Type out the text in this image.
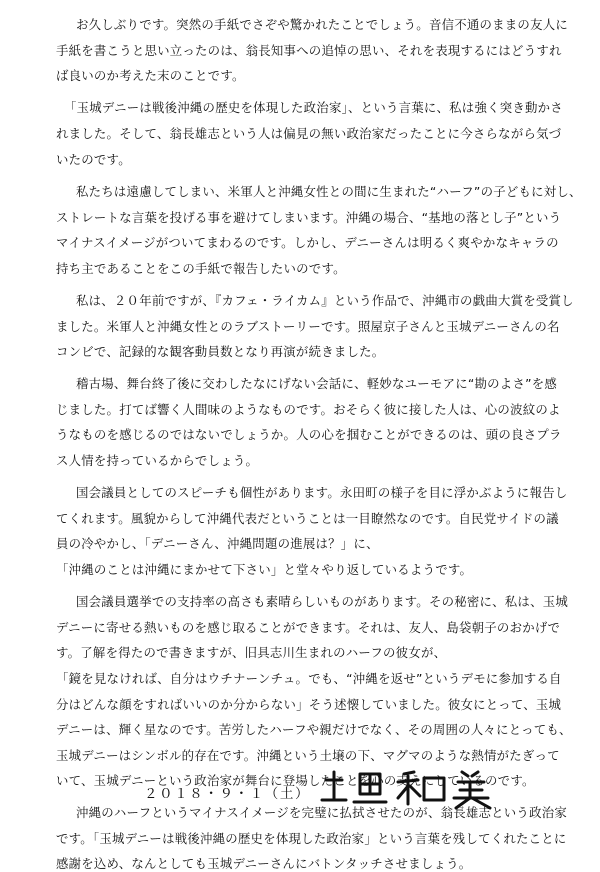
お久しぶりです。突然の手紙でさぞや驚かれたことでしょう。音信不通のままの友人に
手紙を書こうと思い立ったのは、翁長知事への追悼の思い、それを表現するにはどうすれ
ば良いのか考えた末のことです。
「玉城デニーは戦後沖縄の歴史を体現した政治家」、という言葉に、私は強く突き動かさ
れました。そして、翁長雄志という人は偏見の無い政治家だったことに今さらながら気づ
いたのです。
私たちは遠慮してしまい、米軍人と沖縄女性との間に生まれた“ハーフ”の子どもに対し、
ストレートな言葉を投げる事を避けてしまいます。沖縄の場合、“基地の落とし子”という
マイナスイメージがついてまわるのです。しかし、デニーさんは明るく爽やかなキャラの
持ち主であることをこの手紙で報告したいのです。
私は、２０年前ですが、『カフェ・ライカム』という作品で、沖縄市の戯曲大賞を受賞し
ました。米軍人と沖縄女性とのラブストーリーです。照屋京子さんと玉城デニーさんの名
コンビで、記録的な観客動員数となり再演が続きました。
稽古場、舞台終了後に交わしたなにげない会話に、軽妙なユーモアに“勘のよさ”を感
じました。打てば響く人間味のようなものです。おそらく彼に接した人は、心の波紋のよ
うなものを感じるのではないでしょうか。人の心を掴むことができるのは、頭の良さプラ
ス人情を持っているからでしょう。
国会議員としてのスピーチも個性があります。永田町の様子を目に浮かぶように報告し
てくれます。風貌からして沖縄代表だということは一目瞭然なのです。自民党サイドの議
員の冷やかし、「デニーさん、沖縄問題の進展は？」に、
「沖縄のことは沖縄にまかせて下さい」と堂々やり返しているようです。
国会議員選挙での支持率の高さも素晴らしいものがあります。その秘密に、私は、玉城
デニーに寄せる熱いものを感じ取ることができます。それは、友人、島袋朝子のおかげで
す。了解を得たので書きますが、旧具志川生まれのハーフの彼女が、
「鏡を見なければ、自分はウチナーンチュ。でも、“沖縄を返せ”というデモに参加する自
分はどんな顔をすればいいのか分からない」そう述懐していました。彼女にとって、玉城
デニーは、輝く星なのです。苦労したハーフや親だけでなく、その周囲の人々にとっても、
玉城デニーはシンボル的存在です。沖縄という土壌の下、マグマのような熱情がたぎって
いて、玉城デニーという政治家が舞台に登場したことを心の支えにしているのです。
沖縄のハーフというマイナスイメージを完璧に払拭させたのが、翁長雄志という政治家
です。「玉城デニーは戦後沖縄の歴史を体現した政治家」という言葉を残してくれたことに
感謝を込め、なんとしても玉城デニーさんにバトンタッチさせましょう。
２０１８・９・１（土）
